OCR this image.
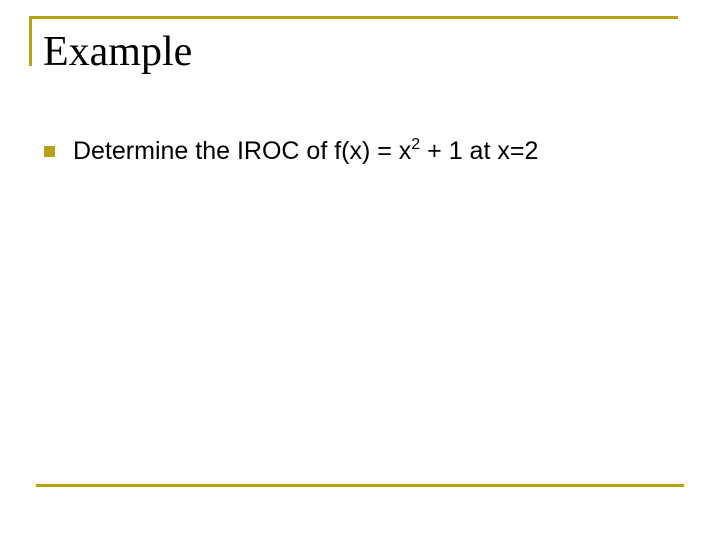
Example
Determine the IROC of $f(x) = x^2 + 1$ at x=2
